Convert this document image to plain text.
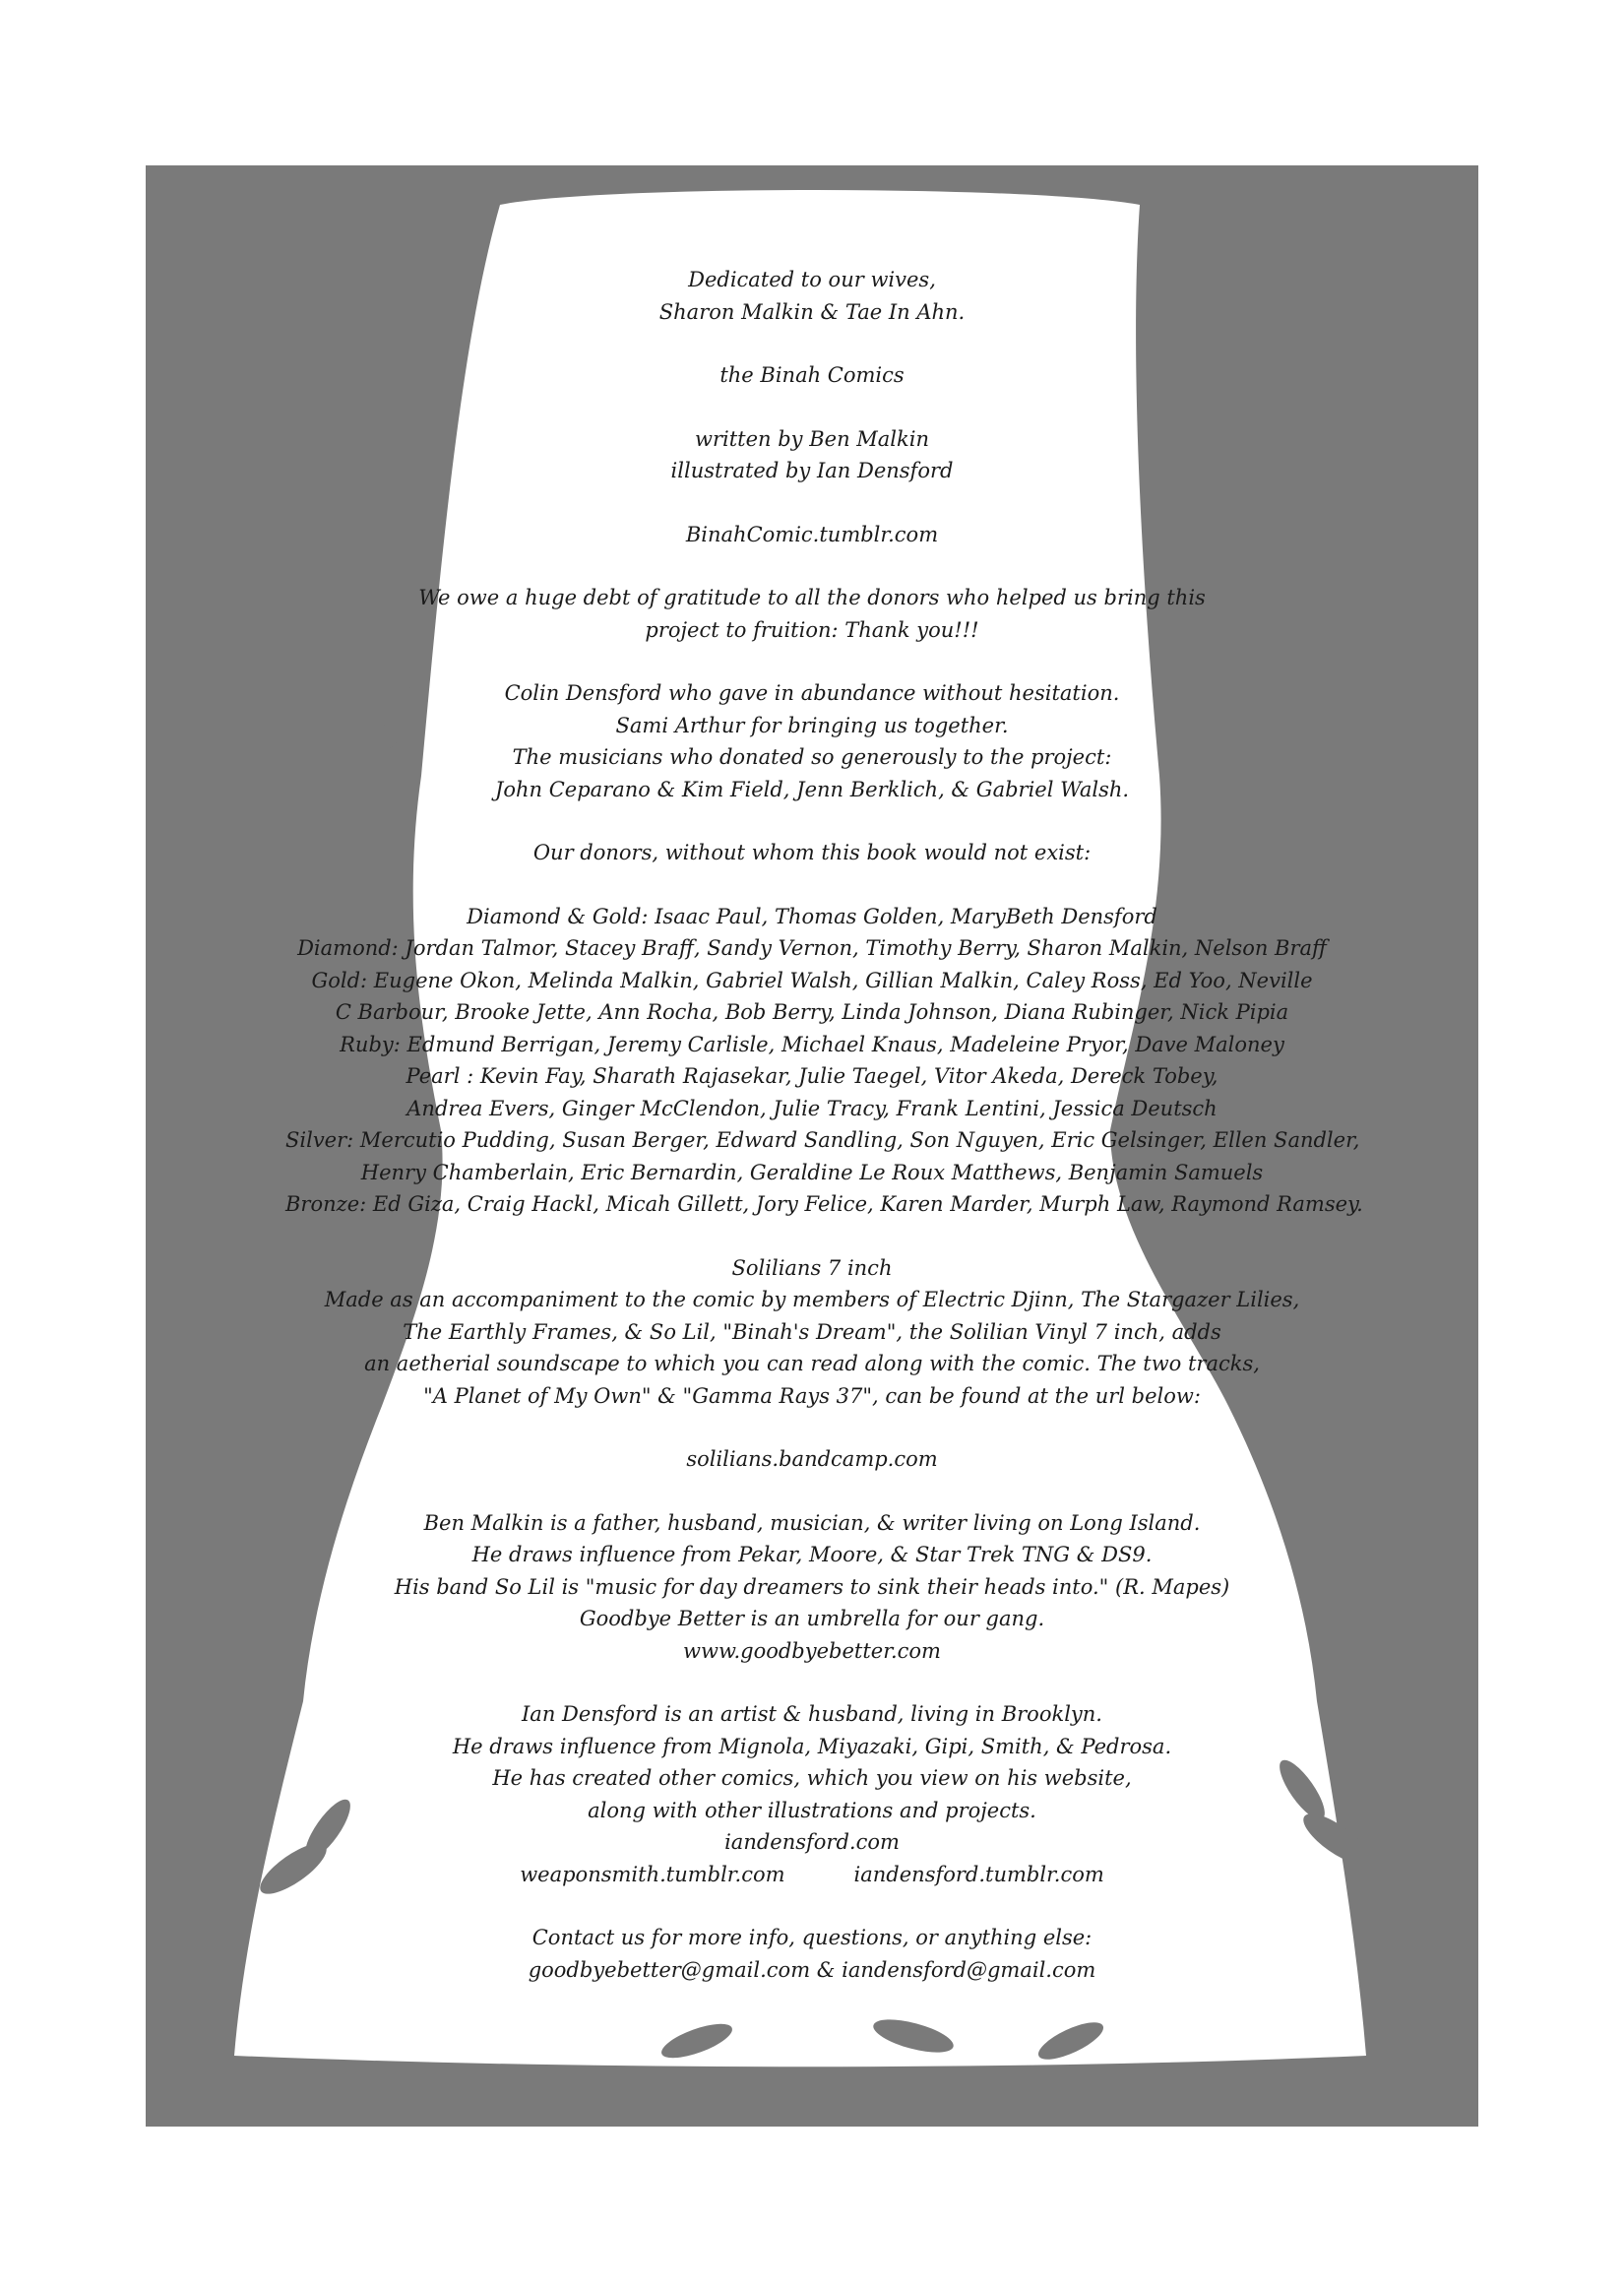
Dedicated to our wives,
Sharon Malkin & Tae In Ahn.
the Binah Comics
written by Ben Malkin
illustrated by Ian Densford
BinahComic.tumblr.com
We owe a huge debt of gratitude to all the donors who helped us bring this
project to fruition: Thank you!!!
Colin Densford who gave in abundance without hesitation.
Sami Arthur for bringing us together.
The musicians who donated so generously to the project:
John Ceparano & Kim Field, Jenn Berklich, & Gabriel Walsh.
Our donors, without whom this book would not exist:
Diamond & Gold: Isaac Paul, Thomas Golden, MaryBeth Densford
Diamond: Jordan Talmor, Stacey Braff, Sandy Vernon, Timothy Berry, Sharon Malkin, Nelson Braff
Gold: Eugene Okon, Melinda Malkin, Gabriel Walsh, Gillian Malkin, Caley Ross, Ed Yoo, Neville
C Barbour, Brooke Jette, Ann Rocha, Bob Berry, Linda Johnson, Diana Rubinger, Nick Pipia
Ruby: Edmund Berrigan, Jeremy Carlisle, Michael Knaus, Madeleine Pryor, Dave Maloney
Pearl : Kevin Fay, Sharath Rajasekar, Julie Taegel, Vitor Akeda, Dereck Tobey,
Andrea Evers, Ginger McClendon, Julie Tracy, Frank Lentini, Jessica Deutsch
Silver: Mercutio Pudding, Susan Berger, Edward Sandling, Son Nguyen, Eric Gelsinger, Ellen Sandler,
Henry Chamberlain, Eric Bernardin, Geraldine Le Roux Matthews, Benjamin Samuels
Bronze: Ed Giza, Craig Hackl, Micah Gillett, Jory Felice, Karen Marder, Murph Law, Raymond Ramsey.
Solilians 7 inch
Made as an accompaniment to the comic by members of Electric Djinn, The Stargazer Lilies,
The Earthly Frames, & So Lil, "Binah's Dream", the Solilian Vinyl 7 inch, adds
an aetherial soundscape to which you can read along with the comic. The two tracks,
"A Planet of My Own" & "Gamma Rays 37", can be found at the url below:
solilians.bandcamp.com
Ben Malkin is a father, husband, musician, & writer living on Long Island.
He draws influence from Pekar, Moore, & Star Trek TNG & DS9.
His band So Lil is "music for day dreamers to sink their heads into." (R. Mapes)
Goodbye Better is an umbrella for our gang.
www.goodbyebetter.com
Ian Densford is an artist & husband, living in Brooklyn.
He draws influence from Mignola, Miyazaki, Gipi, Smith, & Pedrosa.
He has created other comics, which you view on his website,
along with other illustrations and projects.
iandensford.com
weaponsmith.tumblr.com	iandensford.tumblr.com
Contact us for more info, questions, or anything else:
goodbyebetter@gmail.com & iandensford@gmail.com
